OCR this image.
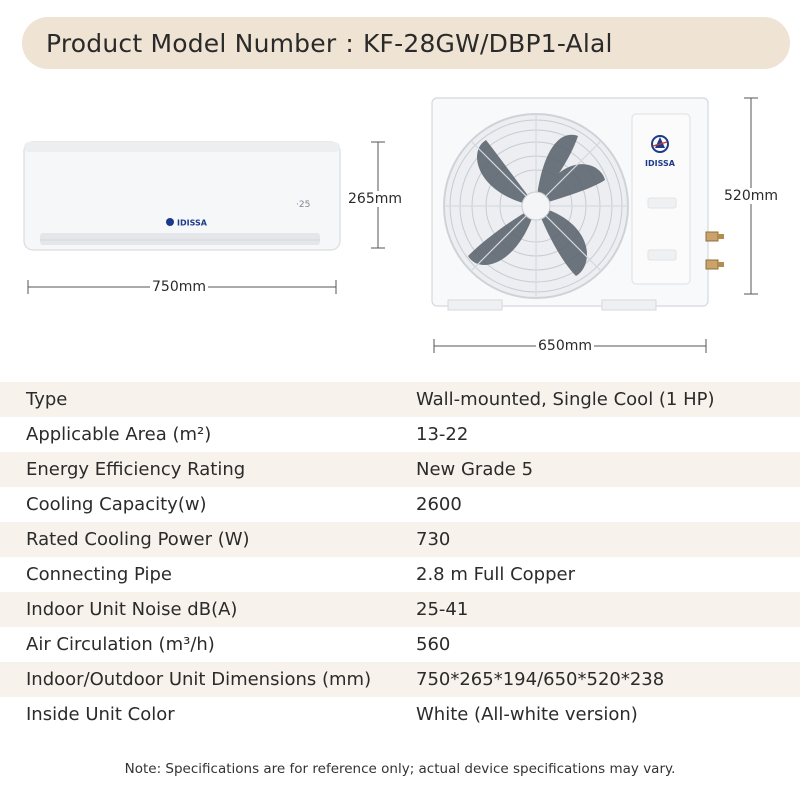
Product Model Number : KF-28GW/DBP1-Alal
·25
IDISSA
IDISSA
265mm
750mm
520mm
650mm
Type	Wall-mounted, Single Cool (1 HP)
Applicable Area (m²)	13-22
Energy Efficiency Rating	New Grade 5
Cooling Capacity(w)	2600
Rated Cooling Power (W)	730
Connecting Pipe	2.8 m Full Copper
Indoor Unit Noise dB(A)	25-41
Air Circulation (m³/h)	560
Indoor/Outdoor Unit Dimensions (mm)	750*265*194/650*520*238
Inside Unit Color	White (All-white version)
Note: Specifications are for reference only; actual device specifications may vary.
